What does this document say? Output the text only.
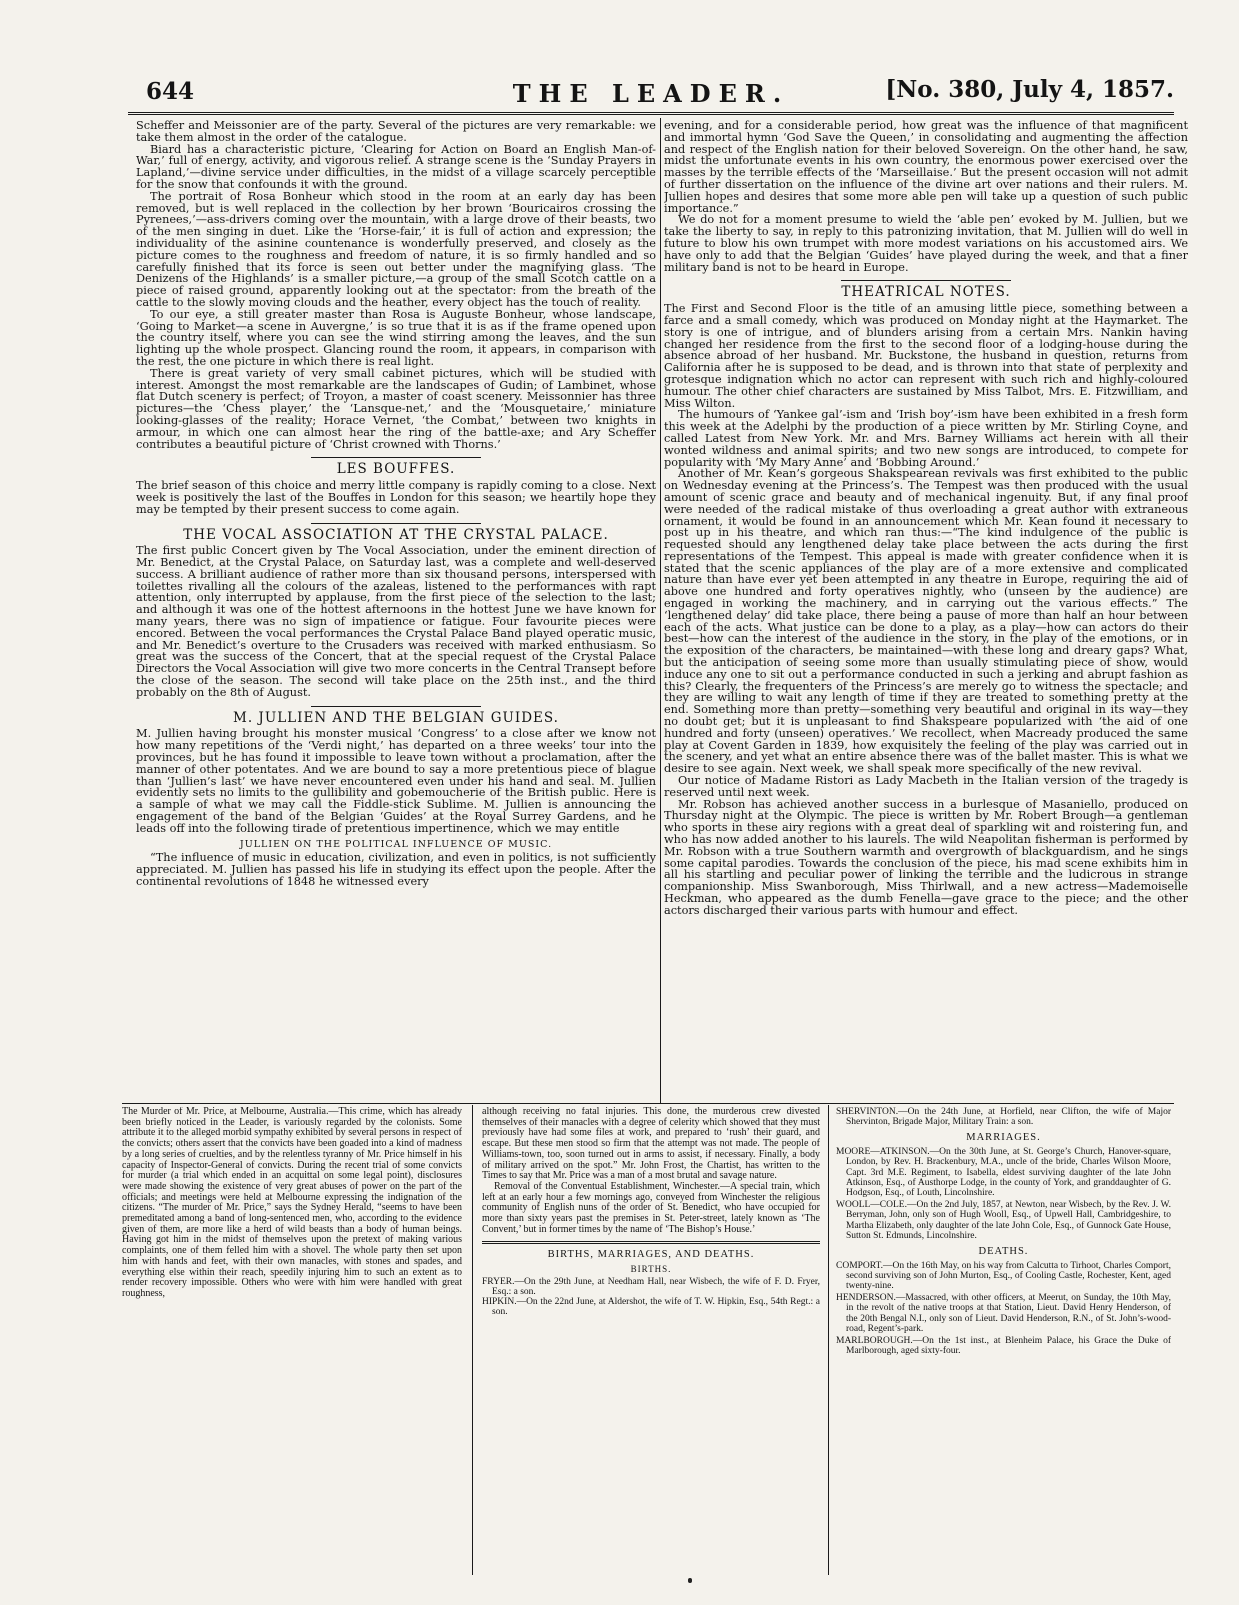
644	THE LEADER.	[No. 380, July 4, 1857.

Scheffer and Meissonier are of the party. Several of the pictures are very remarkable: we take them almost in the order of the catalogue.

Biard has a characteristic picture, ‘Clearing for Action on Board an English Man-of-War,’ full of energy, activity, and vigorous relief. A strange scene is the ‘Sunday Prayers in Lapland,’—divine service under difficulties, in the midst of a village scarcely perceptible for the snow that confounds it with the ground.

The portrait of Rosa Bonheur which stood in the room at an early day has been removed, but is well replaced in the collection by her brown ‘Bouricairos crossing the Pyrenees,’—ass-drivers coming over the mountain, with a large drove of their beasts, two of the men singing in duet. Like the ‘Horse-fair,’ it is full of action and expression; the individuality of the asinine countenance is wonderfully preserved, and closely as the picture comes to the roughness and freedom of nature, it is so firmly handled and so carefully finished that its force is seen out better under the magnifying glass. ‘The Denizens of the Highlands’ is a smaller picture,—a group of the small Scotch cattle on a piece of raised ground, apparently looking out at the spectator: from the breath of the cattle to the slowly moving clouds and the heather, every object has the touch of reality.

To our eye, a still greater master than Rosa is Auguste Bonheur, whose landscape, ‘Going to Market—a scene in Auvergne,’ is so true that it is as if the frame opened upon the country itself, where you can see the wind stirring among the leaves, and the sun lighting up the whole prospect. Glancing round the room, it appears, in comparison with the rest, the one picture in which there is real light.

There is great variety of very small cabinet pictures, which will be studied with interest. Amongst the most remarkable are the landscapes of Gudin; of Lambinet, whose flat Dutch scenery is perfect; of Troyon, a master of coast scenery. Meissonnier has three pictures—the ‘Chess player,’ the ‘Lansque-net,’ and the ‘Mousquetaire,’ miniature looking-glasses of the reality; Horace Vernet, ‘the Combat,’ between two knights in armour, in which one can almost hear the ring of the battle-axe; and Ary Scheffer contributes a beautiful picture of ‘Christ crowned with Thorns.’

LES BOUFFES.

The brief season of this choice and merry little company is rapidly coming to a close. Next week is positively the last of the Bouffes in London for this season; we heartily hope they may be tempted by their present success to come again.

THE VOCAL ASSOCIATION AT THE CRYSTAL PALACE.

The first public Concert given by The Vocal Association, under the eminent direction of Mr. Benedict, at the Crystal Palace, on Saturday last, was a complete and well-deserved success. A brilliant audience of rather more than six thousand persons, interspersed with toilettes rivalling all the colours of the azaleas, listened to the performances with rapt attention, only interrupted by applause, from the first piece of the selection to the last; and although it was one of the hottest afternoons in the hottest June we have known for many years, there was no sign of impatience or fatigue. Four favourite pieces were encored. Between the vocal performances the Crystal Palace Band played operatic music, and Mr. Benedict’s overture to the Crusaders was received with marked enthusiasm. So great was the success of the Concert, that at the special request of the Crystal Palace Directors the Vocal Association will give two more concerts in the Central Transept before the close of the season. The second will take place on the 25th inst., and the third probably on the 8th of August.

M. JULLIEN AND THE BELGIAN GUIDES.

M. Jullien having brought his monster musical ‘Congress’ to a close after we know not how many repetitions of the ‘Verdi night,’ has departed on a three weeks’ tour into the provinces, but he has found it impossible to leave town without a proclamation, after the manner of other potentates. And we are bound to say a more pretentious piece of blague than ‘Jullien’s last’ we have never encountered even under his hand and seal. M. Jullien evidently sets no limits to the gullibility and gobemoucherie of the British public. Here is a sample of what we may call the Fiddle-stick Sublime. M. Jullien is announcing the engagement of the band of the Belgian ‘Guides’ at the Royal Surrey Gardens, and he leads off into the following tirade of pretentious impertinence, which we may entitle

JULLIEN ON THE POLITICAL INFLUENCE OF MUSIC.

“The influence of music in education, civilization, and even in politics, is not sufficiently appreciated. M. Jullien has passed his life in studying its effect upon the people. After the continental revolutions of 1848 he witnessed every

evening, and for a considerable period, how great was the influence of that magnificent and immortal hymn ‘God Save the Queen,’ in consolidating and augmenting the affection and respect of the English nation for their beloved Sovereign. On the other hand, he saw, midst the unfortunate events in his own country, the enormous power exercised over the masses by the terrible effects of the ‘Marseillaise.’ But the present occasion will not admit of further dissertation on the influence of the divine art over nations and their rulers. M. Jullien hopes and desires that some more able pen will take up a question of such public importance.”

We do not for a moment presume to wield the ‘able pen’ evoked by M. Jullien, but we take the liberty to say, in reply to this patronizing invitation, that M. Jullien will do well in future to blow his own trumpet with more modest variations on his accustomed airs. We have only to add that the Belgian ‘Guides’ have played during the week, and that a finer military band is not to be heard in Europe.

THEATRICAL NOTES.

The First and Second Floor is the title of an amusing little piece, something between a farce and a small comedy, which was produced on Monday night at the Haymarket. The story is one of intrigue, and of blunders arising from a certain Mrs. Nankin having changed her residence from the first to the second floor of a lodging-house during the absence abroad of her husband. Mr. Buckstone, the husband in question, returns from California after he is supposed to be dead, and is thrown into that state of perplexity and grotesque indignation which no actor can represent with such rich and highly-coloured humour. The other chief characters are sustained by Miss Talbot, Mrs. E. Fitzwilliam, and Miss Wilton.

The humours of ‘Yankee gal’-ism and ‘Irish boy’-ism have been exhibited in a fresh form this week at the Adelphi by the production of a piece written by Mr. Stirling Coyne, and called Latest from New York. Mr. and Mrs. Barney Williams act herein with all their wonted wildness and animal spirits; and two new songs are introduced, to compete for popularity with ‘My Mary Anne’ and ‘Bobbing Around.’

Another of Mr. Kean’s gorgeous Shakspearean revivals was first exhibited to the public on Wednesday evening at the Princess’s. The Tempest was then produced with the usual amount of scenic grace and beauty and of mechanical ingenuity. But, if any final proof were needed of the radical mistake of thus overloading a great author with extraneous ornament, it would be found in an announcement which Mr. Kean found it necessary to post up in his theatre, and which ran thus:—“The kind indulgence of the public is requested should any lengthened delay take place between the acts during the first representations of the Tempest. This appeal is made with greater confidence when it is stated that the scenic appliances of the play are of a more extensive and complicated nature than have ever yet been attempted in any theatre in Europe, requiring the aid of above one hundred and forty operatives nightly, who (unseen by the audience) are engaged in working the machinery, and in carrying out the various effects.” The ‘lengthened delay’ did take place, there being a pause of more than half an hour between each of the acts. What justice can be done to a play, as a play—how can actors do their best—how can the interest of the audience in the story, in the play of the emotions, or in the exposition of the characters, be maintained—with these long and dreary gaps? What, but the anticipation of seeing some more than usually stimulating piece of show, would induce any one to sit out a performance conducted in such a jerking and abrupt fashion as this? Clearly, the frequenters of the Princess’s are merely go to witness the spectacle; and they are willing to wait any length of time if they are treated to something pretty at the end. Something more than pretty—something very beautiful and original in its way—they no doubt get; but it is unpleasant to find Shakspeare popularized with ‘the aid of one hundred and forty (unseen) operatives.’ We recollect, when Macready produced the same play at Covent Garden in 1839, how exquisitely the feeling of the play was carried out in the scenery, and yet what an entire absence there was of the ballet master. This is what we desire to see again. Next week, we shall speak more specifically of the new revival.

Our notice of Madame Ristori as Lady Macbeth in the Italian version of the tragedy is reserved until next week.

Mr. Robson has achieved another success in a burlesque of Masaniello, produced on Thursday night at the Olympic. The piece is written by Mr. Robert Brough—a gentleman who sports in these airy regions with a great deal of sparkling wit and roistering fun, and who has now added another to his laurels. The wild Neapolitan fisherman is performed by Mr. Robson with a true Southern warmth and overgrowth of blackguardism, and he sings some capital parodies. Towards the conclusion of the piece, his mad scene exhibits him in all his startling and peculiar power of linking the terrible and the ludicrous in strange companionship. Miss Swanborough, Miss Thirlwall, and a new actress—Mademoiselle Heckman, who appeared as the dumb Fenella—gave grace to the piece; and the other actors discharged their various parts with humour and effect.

The Murder of Mr. Price, at Melbourne, Australia.—This crime, which has already been briefly noticed in the Leader, is variously regarded by the colonists. Some attribute it to the alleged morbid sympathy exhibited by several persons in respect of the convicts; others assert that the convicts have been goaded into a kind of madness by a long series of cruelties, and by the relentless tyranny of Mr. Price himself in his capacity of Inspector-General of convicts. During the recent trial of some convicts for murder (a trial which ended in an acquittal on some legal point), disclosures were made showing the existence of very great abuses of power on the part of the officials; and meetings were held at Melbourne expressing the indignation of the citizens. “The murder of Mr. Price,” says the Sydney Herald, “seems to have been premeditated among a band of long-sentenced men, who, according to the evidence given of them, are more like a herd of wild beasts than a body of human beings. Having got him in the midst of themselves upon the pretext of making various complaints, one of them felled him with a shovel. The whole party then set upon him with hands and feet, with their own manacles, with stones and spades, and everything else within their reach, speedily injuring him to such an extent as to render recovery impossible. Others who were with him were handled with great roughness,

although receiving no fatal injuries. This done, the murderous crew divested themselves of their manacles with a degree of celerity which showed that they must previously have had some files at work, and prepared to ‘rush’ their guard, and escape. But these men stood so firm that the attempt was not made. The people of Williams-town, too, soon turned out in arms to assist, if necessary. Finally, a body of military arrived on the spot.” Mr. John Frost, the Chartist, has written to the Times to say that Mr. Price was a man of a most brutal and savage nature.

Removal of the Conventual Establishment, Winchester.—A special train, which left at an early hour a few mornings ago, conveyed from Winchester the religious community of English nuns of the order of St. Benedict, who have occupied for more than sixty years past the premises in St. Peter-street, lately known as ‘The Convent,’ but in former times by the name of ‘The Bishop’s House.’

BIRTHS, MARRIAGES, AND DEATHS.
BIRTHS.

FRYER.—On the 29th June, at Needham Hall, near Wisbech, the wife of F. D. Fryer, Esq.: a son.

HIPKIN.—On the 22nd June, at Aldershot, the wife of T. W. Hipkin, Esq., 54th Regt.: a son.

SHERVINTON.—On the 24th June, at Horfield, near Clifton, the wife of Major Shervinton, Brigade Major, Military Train: a son.

MARRIAGES.

MOORE—ATKINSON.—On the 30th June, at St. George’s Church, Hanover-square, London, by Rev. H. Brackenbury, M.A., uncle of the bride, Charles Wilson Moore, Capt. 3rd M.E. Regiment, to Isabella, eldest surviving daughter of the late John Atkinson, Esq., of Austhorpe Lodge, in the county of York, and granddaughter of G. Hodgson, Esq., of Louth, Lincolnshire.

WOOLL—COLE.—On the 2nd July, 1857, at Newton, near Wisbech, by the Rev. J. W. Berryman, John, only son of Hugh Wooll, Esq., of Upwell Hall, Cambridgeshire, to Martha Elizabeth, only daughter of the late John Cole, Esq., of Gunnock Gate House, Sutton St. Edmunds, Lincolnshire.

DEATHS.

COMPORT.—On the 16th May, on his way from Calcutta to Tirhoot, Charles Comport, second surviving son of John Murton, Esq., of Cooling Castle, Rochester, Kent, aged twenty-nine.

HENDERSON.—Massacred, with other officers, at Meerut, on Sunday, the 10th May, in the revolt of the native troops at that Station, Lieut. David Henry Henderson, of the 20th Bengal N.I., only son of Lieut. David Henderson, R.N., of St. John’s-wood-road, Regent’s-park.

MARLBOROUGH.—On the 1st inst., at Blenheim Palace, his Grace the Duke of Marlborough, aged sixty-four.
